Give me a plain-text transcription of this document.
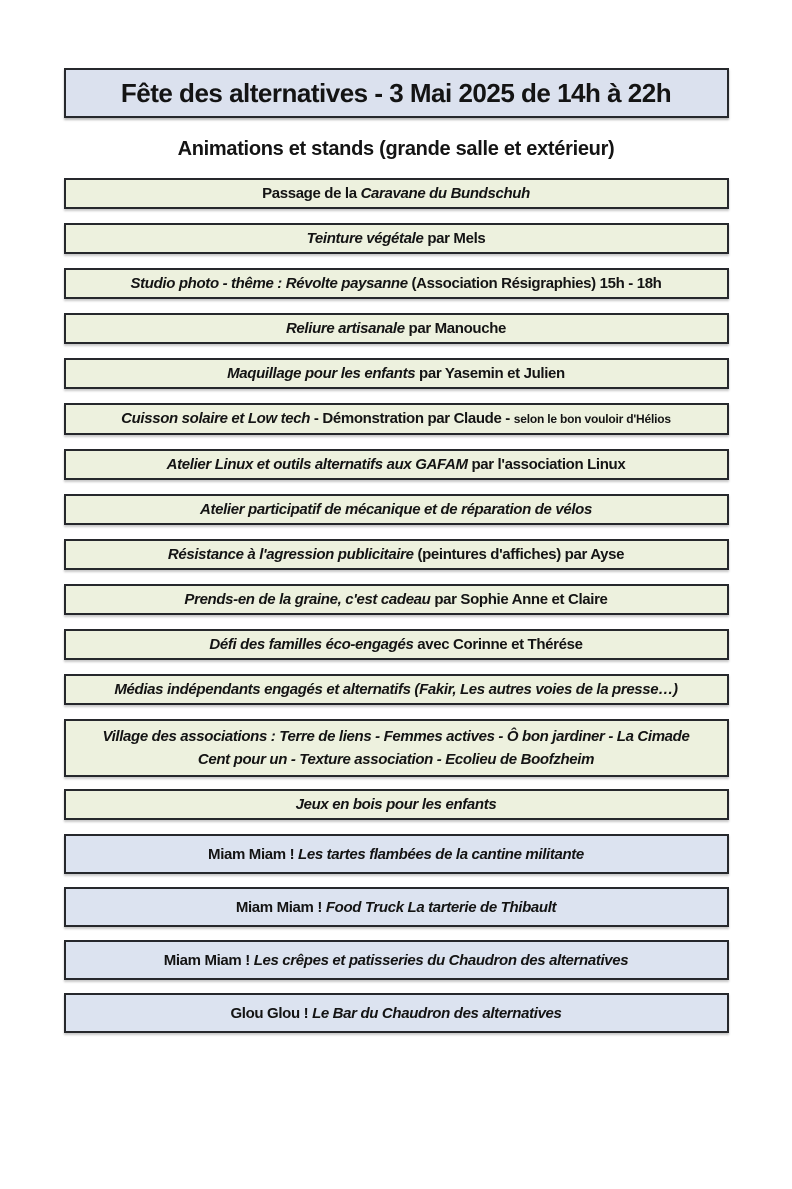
Fête des alternatives - 3 Mai 2025 de 14h à 22h
Animations et stands (grande salle et extérieur)
Passage de la Caravane du Bundschuh
Teinture végétale par Mels
Studio photo - thême : Révolte paysanne (Association Résigraphies) 15h - 18h
Reliure artisanale par Manouche
Maquillage pour les enfants par Yasemin et Julien
Cuisson solaire et Low tech - Démonstration par Claude - selon le bon vouloir d'Hélios
Atelier Linux et outils alternatifs aux GAFAM par l'association Linux
Atelier participatif de mécanique et de réparation de vélos
Résistance à l'agression publicitaire (peintures d'affiches) par Ayse
Prends-en de la graine, c'est cadeau par Sophie Anne et Claire
Défi des familles éco-engagés avec Corinne et Thérése
Médias indépendants engagés et alternatifs (Fakir, Les autres voies de la presse…)
Village des associations : Terre de liens - Femmes actives - Ô bon jardiner - La Cimade
Cent pour un - Texture association - Ecolieu de Boofzheim
Jeux en bois pour les enfants
Miam Miam ! Les tartes flambées de la cantine militante
Miam Miam ! Food Truck La tarterie de Thibault
Miam Miam ! Les crêpes et patisseries du Chaudron des alternatives
Glou Glou ! Le Bar du Chaudron des alternatives
